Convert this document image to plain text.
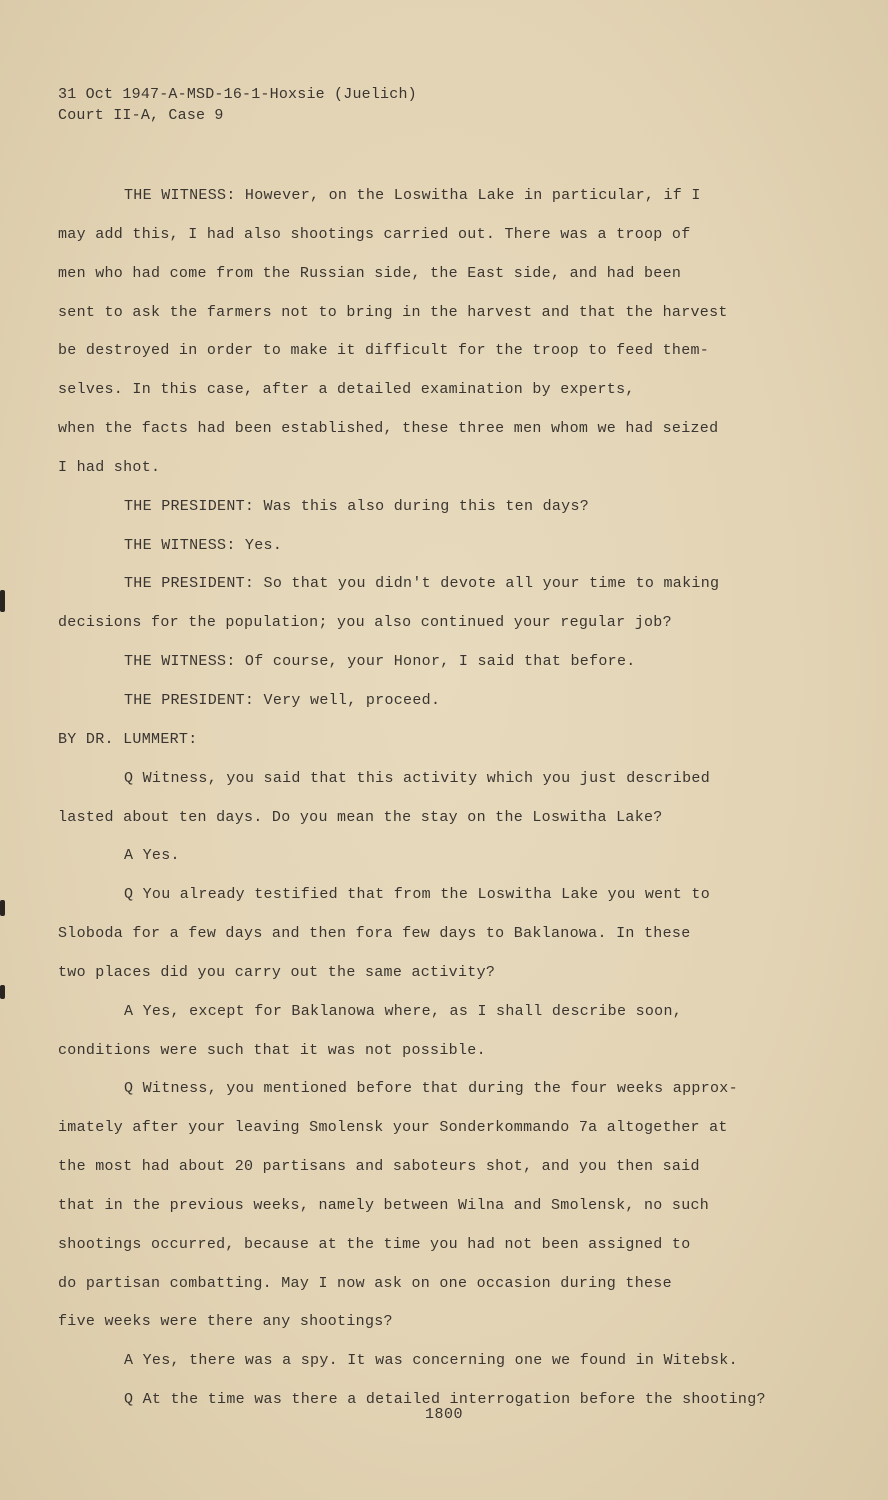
31 Oct 1947-A-MSD-16-1-Hoxsie (Juelich)
Court II-A, Case 9
THE WITNESS: However, on the Loswitha Lake in particular, if I
may add this, I had also shootings carried out. There was a troop of
men who had come from the Russian side, the East side, and had been
sent to ask the farmers not to bring in the harvest and that the harvest
be destroyed in order to make it difficult for the troop to feed them-
selves. In this case, after a detailed examination by experts,
when the facts had been established, these three men whom we had seized
I had shot.
THE PRESIDENT: Was this also during this ten days?
THE WITNESS: Yes.
THE PRESIDENT: So that you didn't devote all your time to making
decisions for the population; you also continued your regular job?
THE WITNESS: Of course, your Honor, I said that before.
THE PRESIDENT: Very well, proceed.
BY DR. LUMMERT:
Q Witness, you said that this activity which you just described
lasted about ten days. Do you mean the stay on the Loswitha Lake?
A Yes.
Q You already testified that from the Loswitha Lake you went to
Sloboda for a few days and then fora few days to Baklanowa. In these
two places did you carry out the same activity?
A Yes, except for Baklanowa where, as I shall describe soon,
conditions were such that it was not possible.
Q Witness, you mentioned before that during the four weeks approx-
imately after your leaving Smolensk your Sonderkommando 7a altogether at
the most had about 20 partisans and saboteurs shot, and you then said
that in the previous weeks, namely between Wilna and Smolensk, no such
shootings occurred, because at the time you had not been assigned to
do partisan combatting. May I now ask on one occasion during these
five weeks were there any shootings?
A Yes, there was a spy. It was concerning one we found in Witebsk.
Q At the time was there a detailed interrogation before the shooting?
1800
